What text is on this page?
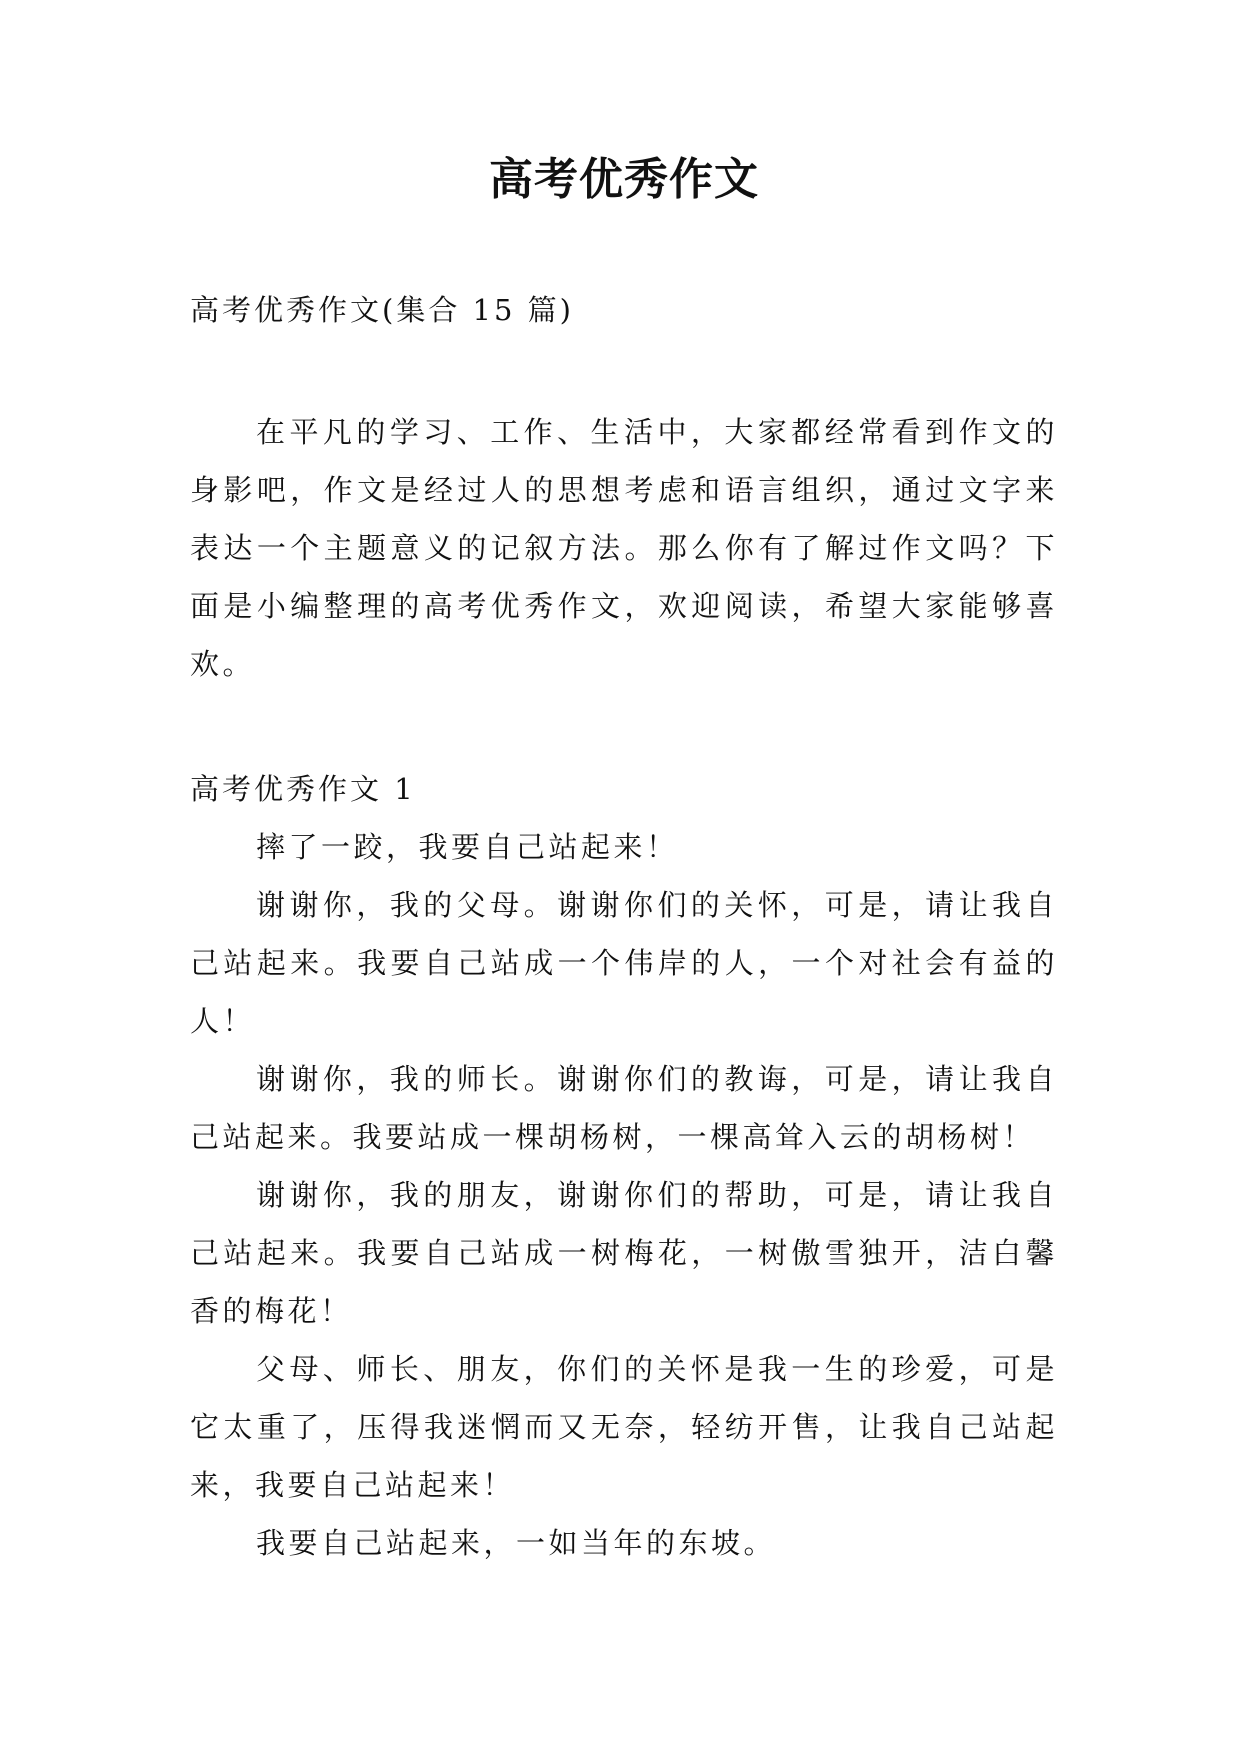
高考优秀作文
高考优秀作文(集合 15 篇)

在平凡的学习、工作、生活中，大家都经常看到作文的身影吧，作文是经过人的思想考虑和语言组织，通过文字来表达一个主题意义的记叙方法。那么你有了解过作文吗？下面是小编整理的高考优秀作文，欢迎阅读，希望大家能够喜欢。

高考优秀作文 1

摔了一跤，我要自己站起来！

谢谢你，我的父母。谢谢你们的关怀，可是，请让我自己站起来。我要自己站成一个伟岸的人，一个对社会有益的人！

谢谢你，我的师长。谢谢你们的教诲，可是，请让我自己站起来。我要站成一棵胡杨树，一棵高耸入云的胡杨树！

谢谢你，我的朋友，谢谢你们的帮助，可是，请让我自己站起来。我要自己站成一树梅花，一树傲雪独开，洁白馨香的梅花！

父母、师长、朋友，你们的关怀是我一生的珍爱，可是它太重了，压得我迷惘而又无奈，轻纺开售，让我自己站起来，我要自己站起来！

我要自己站起来，一如当年的东坡。
